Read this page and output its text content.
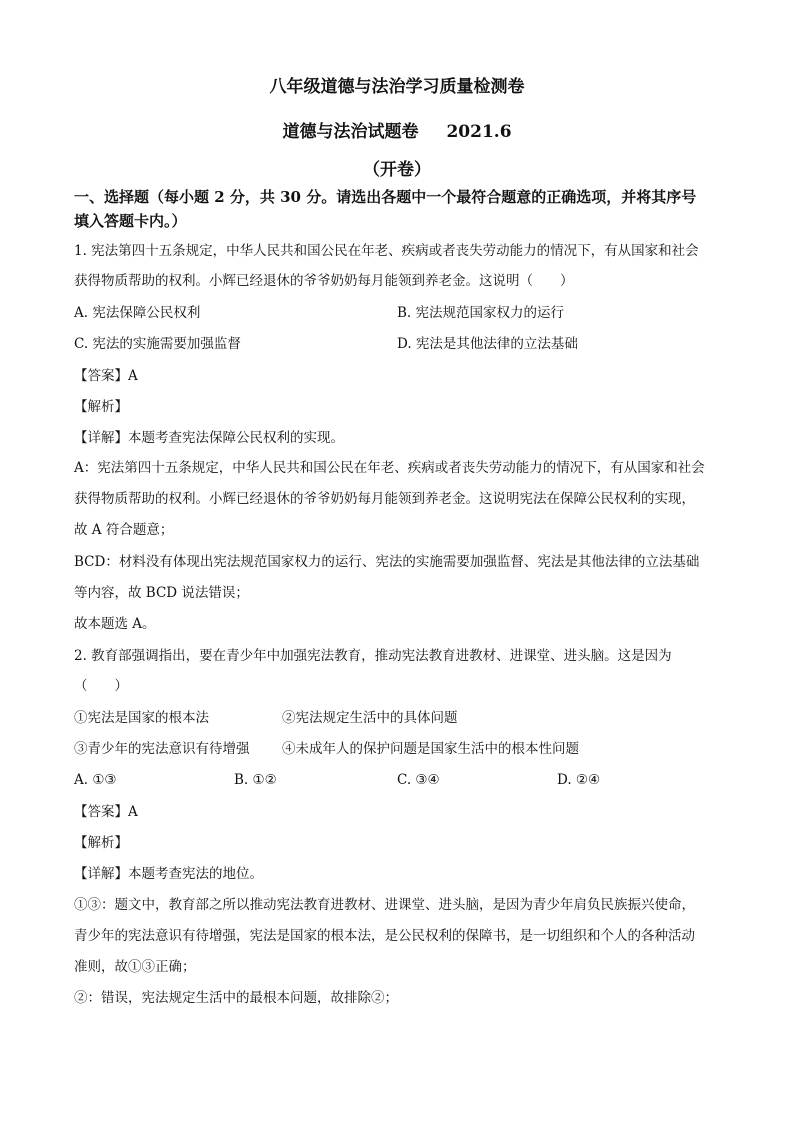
八年级道德与法治学习质量检测卷
道德与法治试题卷 2021.6
（开卷）
一、选择题（每小题 2 分，共 30 分。请选出各题中一个最符合题意的正确选项，并将其序号
填入答题卡内。）
1. 宪法第四十五条规定，中华人民共和国公民在年老、疾病或者丧失劳动能力的情况下，有从国家和社会
获得物质帮助的权利。小辉已经退休的爷爷奶奶每月能领到养老金。这说明（　　）
A. 宪法保障公民权利	B. 宪法规范国家权力的运行
C. 宪法的实施需要加强监督	D. 宪法是其他法律的立法基础
【答案】A
【解析】
【详解】本题考查宪法保障公民权利的实现。
A：宪法第四十五条规定，中华人民共和国公民在年老、疾病或者丧失劳动能力的情况下，有从国家和社会
获得物质帮助的权利。小辉已经退休的爷爷奶奶每月能领到养老金。这说明宪法在保障公民权利的实现，
故 A 符合题意；
BCD：材料没有体现出宪法规范国家权力的运行、宪法的实施需要加强监督、宪法是其他法律的立法基础
等内容，故 BCD 说法错误；
故本题选 A。
2. 教育部强调指出，要在青少年中加强宪法教育，推动宪法教育进教材、进课堂、进头脑。这是因为
（　　）
①宪法是国家的根本法	②宪法规定生活中的具体问题
③青少年的宪法意识有待增强 ④未成年人的保护问题是国家生活中的根本性问题
A. ①③	B. ①②	C. ③④	D. ②④
【答案】A
【解析】
【详解】本题考查宪法的地位。
①③：题文中，教育部之所以推动宪法教育进教材、进课堂、进头脑，是因为青少年肩负民族振兴使命，
青少年的宪法意识有待增强，宪法是国家的根本法，是公民权利的保障书，是一切组织和个人的各种活动
准则，故①③正确；
②：错误，宪法规定生活中的最根本问题，故排除②；
